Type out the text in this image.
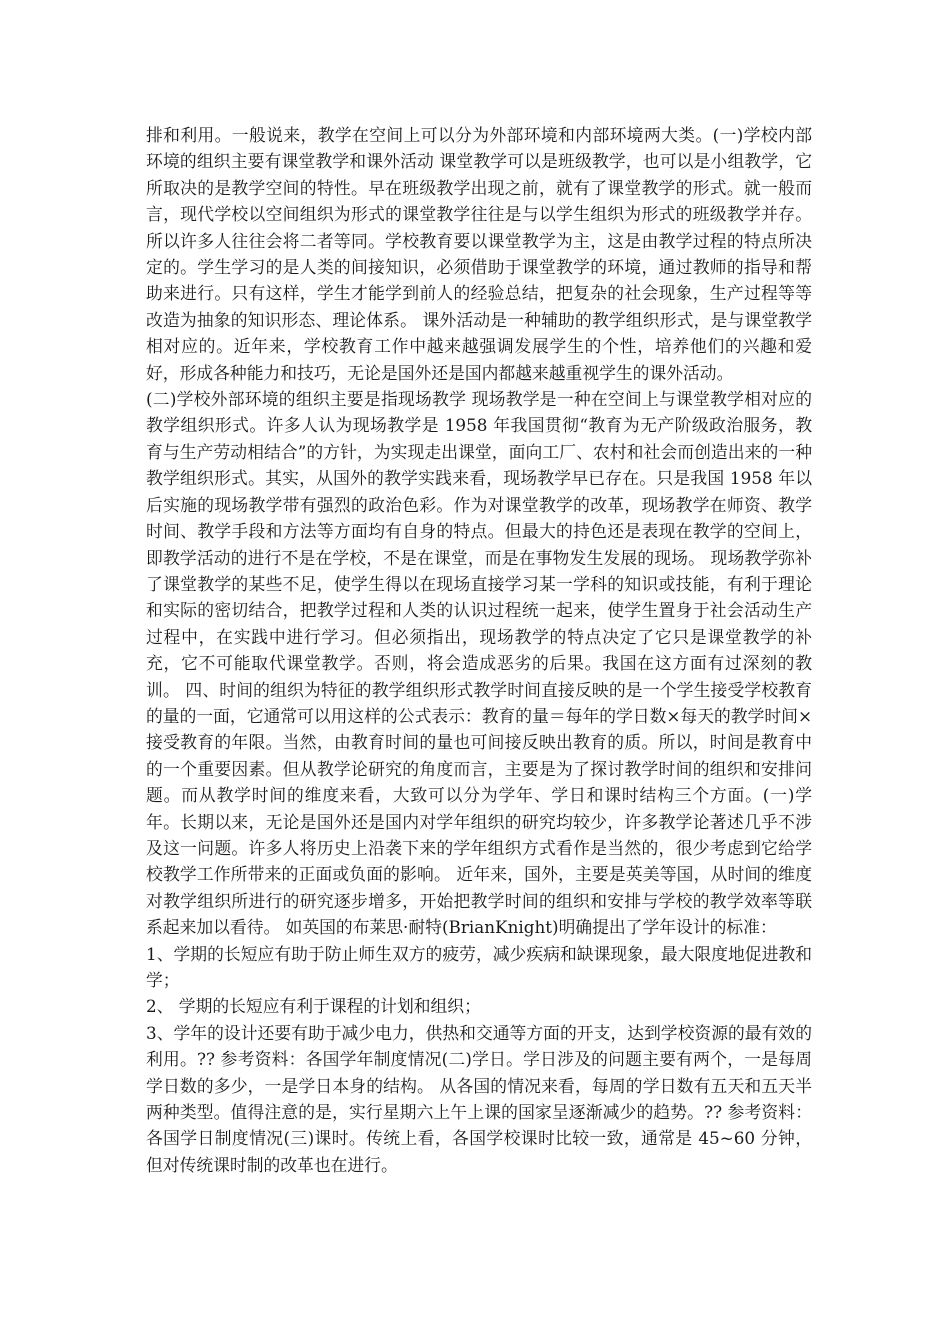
排和利用。一般说来，教学在空间上可以分为外部环境和内部环境两大类。(一)学校内部环境的组织主要有课堂教学和课外活动 课堂教学可以是班级教学，也可以是小组教学，它所取决的是教学空间的特性。早在班级教学出现之前，就有了课堂教学的形式。就一般而言，现代学校以空间组织为形式的课堂教学往往是与以学生组织为形式的班级教学并存。所以许多人往往会将二者等同。学校教育要以课堂教学为主，这是由教学过程的特点所决定的。学生学习的是人类的间接知识，必须借助于课堂教学的环境，通过教师的指导和帮助来进行。只有这样，学生才能学到前人的经验总结，把复杂的社会现象，生产过程等等改造为抽象的知识形态、理论体系。 课外活动是一种辅助的教学组织形式，是与课堂教学相对应的。近年来，学校教育工作中越来越强调发展学生的个性，培养他们的兴趣和爱好，形成各种能力和技巧，无论是国外还是国内都越来越重视学生的课外活动。

(二)学校外部环境的组织主要是指现场教学 现场教学是一种在空间上与课堂教学相对应的教学组织形式。许多人认为现场教学是 1958 年我国贯彻“教育为无产阶级政治服务，教育与生产劳动相结合”的方针，为实现走出课堂，面向工厂、农村和社会而创造出来的一种教学组织形式。其实，从国外的教学实践来看，现场教学早已存在。只是我国 1958 年以后实施的现场教学带有强烈的政治色彩。作为对课堂教学的改革，现场教学在师资、教学时间、教学手段和方法等方面均有自身的特点。但最大的持色还是表现在教学的空间上，即教学活动的进行不是在学校，不是在课堂，而是在事物发生发展的现场。 现场教学弥补了课堂教学的某些不足，使学生得以在现场直接学习某一学科的知识或技能，有利于理论和实际的密切结合，把教学过程和人类的认识过程统一起来，使学生置身于社会活动生产过程中，在实践中进行学习。但必须指出，现场教学的特点决定了它只是课堂教学的补充，它不可能取代课堂教学。否则，将会造成恶劣的后果。我国在这方面有过深刻的教训。 四、时间的组织为特征的教学组织形式教学时间直接反映的是一个学生接受学校教育的量的一面，它通常可以用这样的公式表示：教育的量＝每年的学日数×每天的教学时间×接受教育的年限。当然，由教育时间的量也可间接反映出教育的质。所以，时间是教育中的一个重要因素。但从教学论研究的角度而言，主要是为了探讨教学时间的组织和安排问题。而从教学时间的维度来看，大致可以分为学年、学日和课时结构三个方面。(一)学年。长期以来，无论是国外还是国内对学年组织的研究均较少，许多教学论著述几乎不涉及这一问题。许多人将历史上沿袭下来的学年组织方式看作是当然的，很少考虑到它给学校教学工作所带来的正面或负面的影响。 近年来，国外，主要是英美等国，从时间的维度对教学组织所进行的研究逐步增多，开始把教学时间的组织和安排与学校的教学效率等联系起来加以看待。 如英国的布莱思·耐特(BrianKnight)明确提出了学年设计的标准：

1、学期的长短应有助于防止师生双方的疲劳，减少疾病和缺课现象，最大限度地促进教和学；

2、 学期的长短应有利于课程的计划和组织；

3、学年的设计还要有助于减少电力，供热和交通等方面的开支，达到学校资源的最有效的利用。?? 参考资料：各国学年制度情况(二)学日。学日涉及的问题主要有两个，一是每周学日数的多少，一是学日本身的结构。 从各国的情况来看，每周的学日数有五天和五天半两种类型。值得注意的是，实行星期六上午上课的国家呈逐渐减少的趋势。?? 参考资料：各国学日制度情况(三)课时。传统上看，各国学校课时比较一致，通常是 45~60 分钟，但对传统课时制的改革也在进行。
